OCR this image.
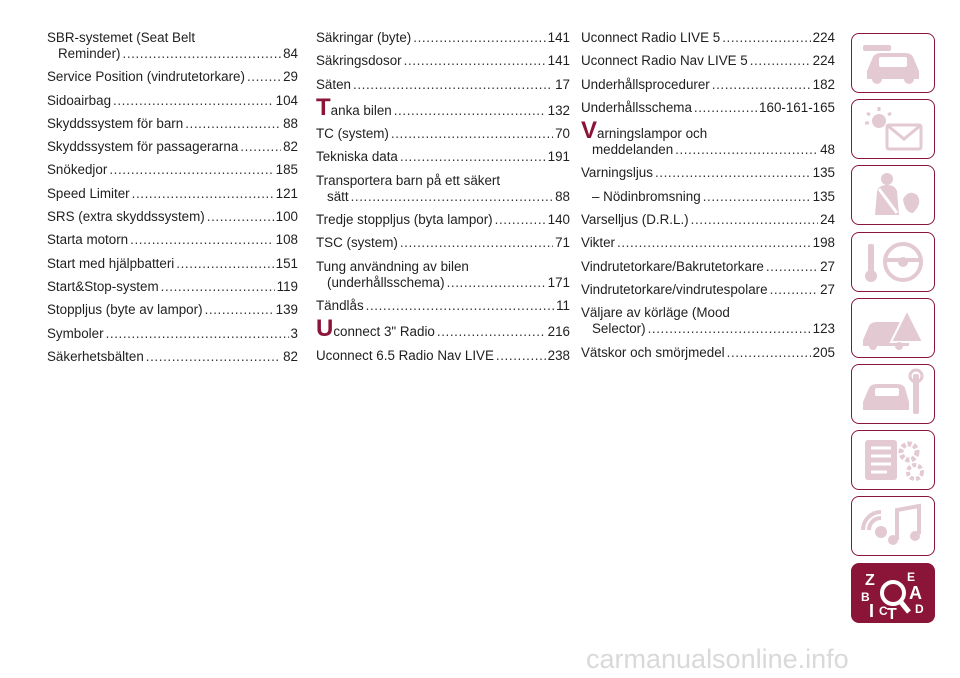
SBR-systemet (Seat Belt
Reminder) .....	84
Service Position (vindrutetorkare) .....	29
Sidoairbag .....	104
Skyddssystem för barn .....	88
Skyddssystem för passagerarna .....	82
Snökedjor .....	185
Speed Limiter .....	121
SRS (extra skyddssystem) .....	100
Starta motorn .....	108
Start med hjälpbatteri .....	151
Start&Stop-system .....	119
Stoppljus (byte av lampor) .....	139
Symboler .....	3
Säkerhetsbälten .....	82
Säkringar (byte) .....	141
Säkringsdosor .....	141
Säten .....	17
Tanka bilen .....	132
TC (system) .....	70
Tekniska data .....	191
Transportera barn på ett säkert
sätt .....	88
Tredje stoppljus (byta lampor) .....	140
TSC (system) .....	71
Tung användning av bilen
(underhållsschema) .....	171
Tändlås .....	11
Uconnect 3" Radio .....	216
Uconnect 6.5 Radio Nav LIVE .....	238
Uconnect Radio LIVE 5 .....	224
Uconnect Radio Nav LIVE 5 .....	224
Underhållsprocedurer .....	182
Underhållsschema .....	160-161-165
Varningslampor och
meddelanden .....	48
Varningsljus .....	135
– Nödinbromsning .....	135
Varselljus (D.R.L.) .....	24
Vikter .....	198
Vindrutetorkare/Bakrutetorkare .....	27
Vindrutetorkare/vindrutespolare .....	27
Väljare av körläge (Mood
Selector) .....	123
Vätskor och smörjmedel .....	205
Z	E
B A
I C T D
carmanualsonline.info
